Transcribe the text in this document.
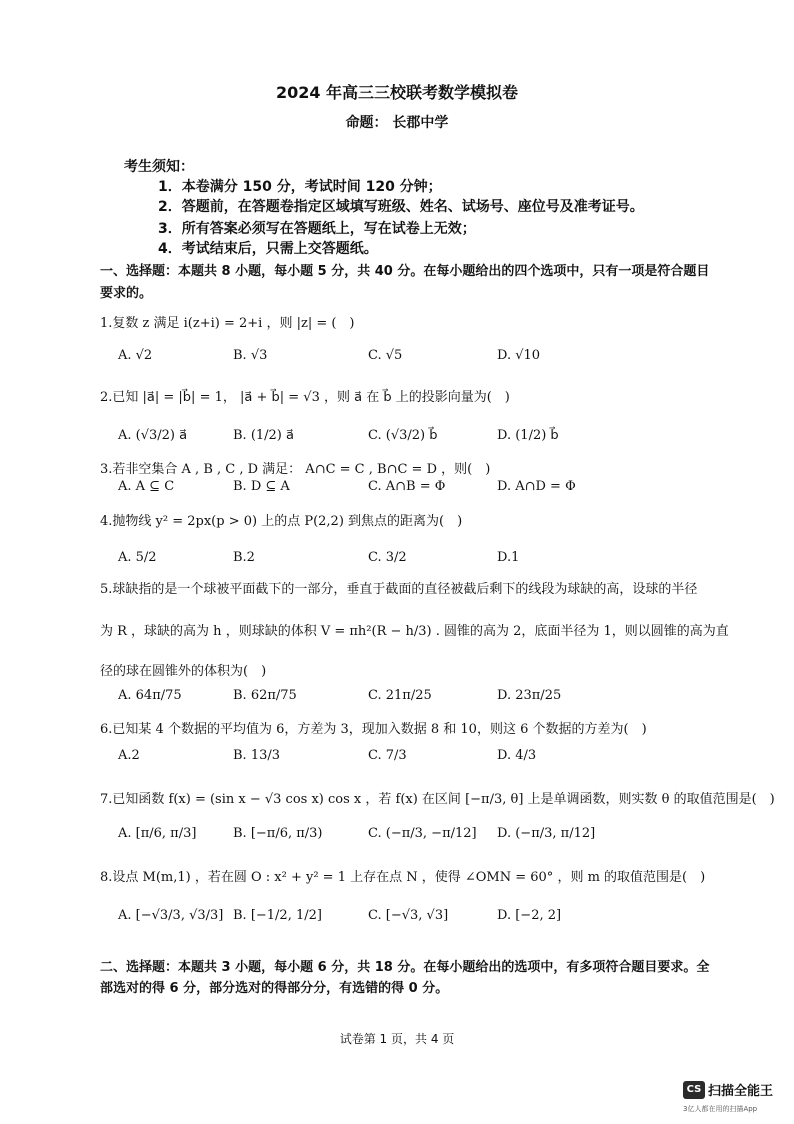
2024 年高三三校联考数学模拟卷
命题： 长郡中学
考生须知：
1．本卷满分 150 分，考试时间 120 分钟；
2．答题前，在答题卷指定区域填写班级、姓名、试场号、座位号及准考证号。
3．所有答案必须写在答题纸上，写在试卷上无效；
4．考试结束后，只需上交答题纸。
一、选择题：本题共 8 小题，每小题 5 分，共 40 分。在每小题给出的四个选项中，只有一项是符合题目
要求的。
1.复数 z 满足 i(z+i) = 2+i ，则 |z| = (　)
A. √2	B. √3	C. √5	D. √10
2.已知 |a⃗| = |b⃗| = 1， |a⃗ + b⃗| = √3 ，则 a⃗ 在 b⃗ 上的投影向量为(　)
A. (√3/2) a⃗	B. (1/2) a⃗	C. (√3/2) b⃗	D. (1/2) b⃗
3.若非空集合 A , B , C , D 满足： A∩C = C , B∩C = D ，则(　)
A. A ⊆ C	B. D ⊆ A	C. A∩B = Φ	D. A∩D = Φ
4.抛物线 y² = 2px(p > 0) 上的点 P(2,2) 到焦点的距离为(　)
A. 5/2	B.2	C. 3/2	D.1
5.球缺指的是一个球被平面截下的一部分，垂直于截面的直径被截后剩下的线段为球缺的高，设球的半径
为 R ，球缺的高为 h ，则球缺的体积 V = πh²(R − h/3) . 圆锥的高为 2，底面半径为 1，则以圆锥的高为直
径的球在圆锥外的体积为(　)
A. 64π/75	B. 62π/75	C. 21π/25	D. 23π/25
6.已知某 4 个数据的平均值为 6，方差为 3，现加入数据 8 和 10，则这 6 个数据的方差为(　)
A.2	B. 13/3	C. 7/3	D. 4/3
7.已知函数 f(x) = (sin x − √3 cos x) cos x ，若 f(x) 在区间 [−π/3, θ] 上是单调函数，则实数 θ 的取值范围是(　)
A. [π/6, π/3]	B. [−π/6, π/3)	C. (−π/3, −π/12] D. (−π/3, π/12]
8.设点 M(m,1) ，若在圆 O : x² + y² = 1 上存在点 N ，使得 ∠OMN = 60° ，则 m 的取值范围是(　)
A. [−√3/3, √3/3] B. [−1/2, 1/2]	C. [−√3, √3]	D. [−2, 2]
二、选择题：本题共 3 小题，每小题 6 分，共 18 分。在每小题给出的选项中，有多项符合题目要求。全
部选对的得 6 分，部分选对的得部分分，有选错的得 0 分。
试卷第 1 页，共 4 页
CS 扫描全能王
3亿人都在用的扫描App
